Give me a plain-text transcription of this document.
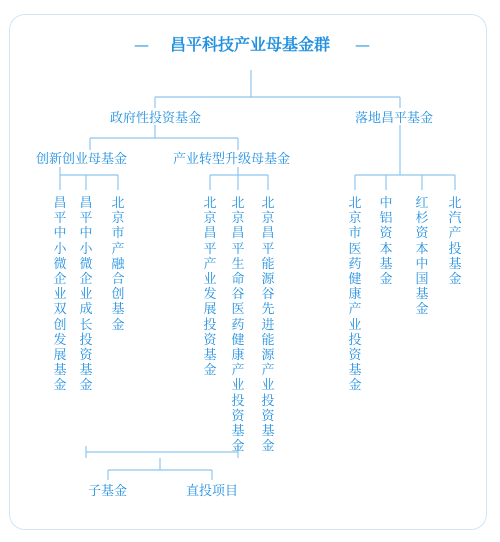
— 昌平科技产业母基金群 —
政府性投资基金	落地昌平基金
创新创业母基金	产业转型升级母基金
昌平中小微企业双创发展基金
昌平中小微企业成长投资基金
北京市产融合创基金
北京昌平产业发展投资基金
北京昌平生命谷医药健康产业投资基金
北京昌平能源谷先进能源产业投资基金
北京市医药健康产业投资基金
中铝资本基金
红杉资本中国基金
北汽产投基金
子基金	直投项目
